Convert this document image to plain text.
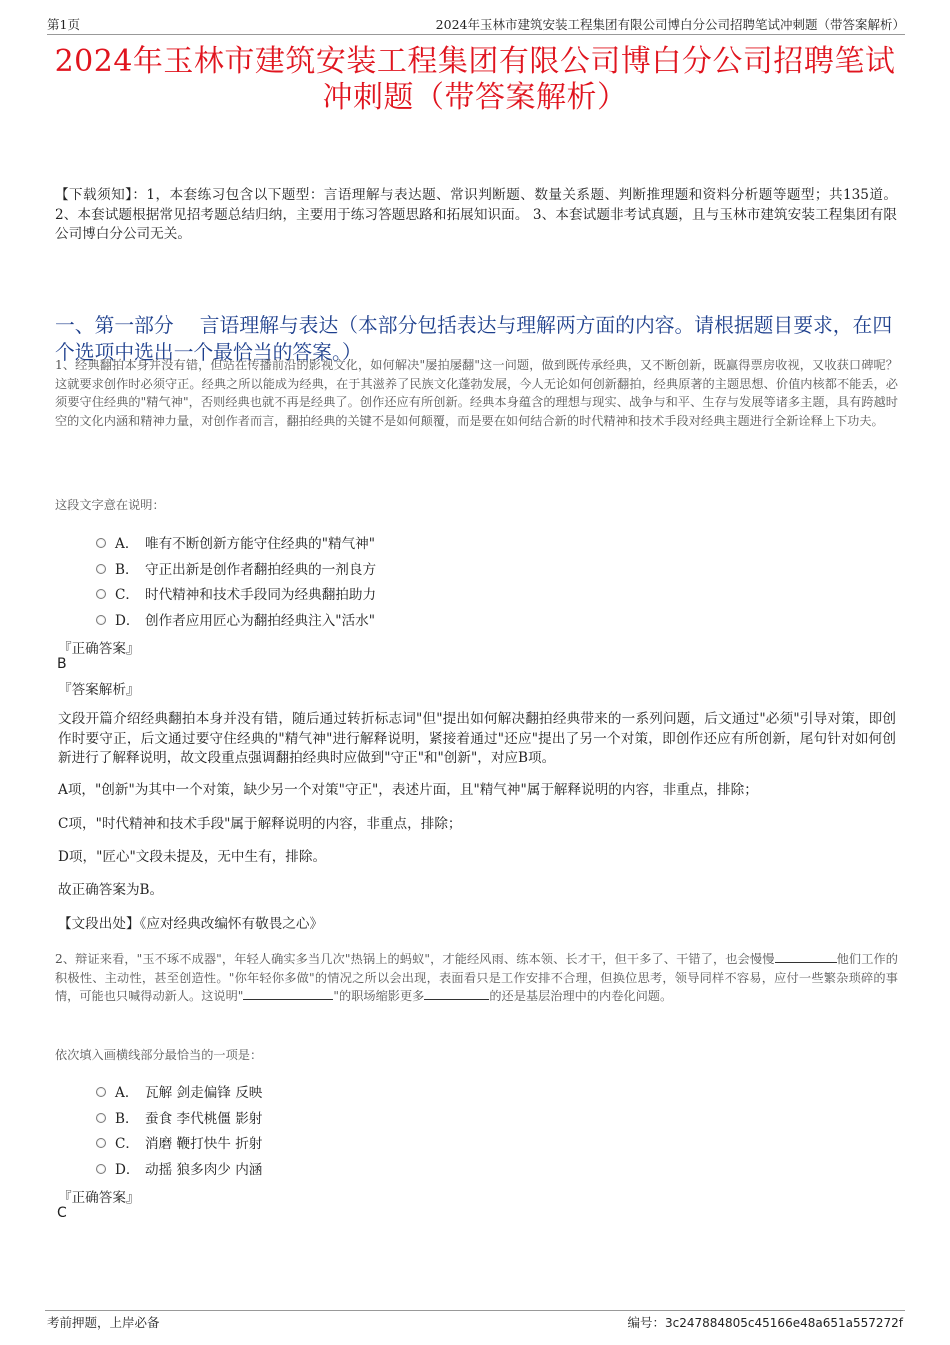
第1页	2024年玉林市建筑安装工程集团有限公司博白分公司招聘笔试冲刺题（带答案解析）
2024年玉林市建筑安装工程集团有限公司博白分公司招聘笔试
冲刺题（带答案解析）
【下载须知】：1，本套练习包含以下题型：言语理解与表达题、常识判断题、数量关系题、判断推理题和资料分析题等题型；共135道。 2、本套试题根据常见招考题总结归纳，主要用于练习答题思路和拓展知识面。 3、本套试题非考试真题，且与玉林市建筑安装工程集团有限公司博白分公司无关。
一、第一部分　 言语理解与表达（本部分包括表达与理解两方面的内容。请根据题目要求，在四个选项中选出一个最恰当的答案。）
1、经典翻拍本身并没有错，但站在传播前沿的影视文化，如何解决"屡拍屡翻"这一问题，做到既传承经典，又不断创新，既赢得票房收视，又收获口碑呢？这就要求创作时必须守正。经典之所以能成为经典，在于其滋养了民族文化蓬勃发展，今人无论如何创新翻拍，经典原著的主题思想、价值内核都不能丢，必须要守住经典的"精气神"，否则经典也就不再是经典了。创作还应有所创新。经典本身蕴含的理想与现实、战争与和平、生存与发展等诸多主题，具有跨越时空的文化内涵和精神力量，对创作者而言，翻拍经典的关键不是如何颠覆，而是要在如何结合新的时代精神和技术手段对经典主题进行全新诠释上下功夫。
这段文字意在说明：
A． 唯有不断创新方能守住经典的"精气神"
B． 守正出新是创作者翻拍经典的一剂良方
C． 时代精神和技术手段同为经典翻拍助力
D． 创作者应用匠心为翻拍经典注入"活水"
『正确答案』
B
『答案解析』
文段开篇介绍经典翻拍本身并没有错，随后通过转折标志词"但"提出如何解决翻拍经典带来的一系列问题，后文通过"必须"引导对策，即创作时要守正，后文通过要守住经典的"精气神"进行解释说明，紧接着通过"还应"提出了另一个对策，即创作还应有所创新，尾句针对如何创新进行了解释说明，故文段重点强调翻拍经典时应做到"守正"和"创新"，对应B项。
A项，"创新"为其中一个对策，缺少另一个对策"守正"，表述片面，且"精气神"属于解释说明的内容，非重点，排除；
C项，"时代精神和技术手段"属于解释说明的内容，非重点，排除；
D项，"匠心"文段未提及，无中生有，排除。
故正确答案为B。
【文段出处】《应对经典改编怀有敬畏之心》
2、辩证来看，"玉不琢不成器"，年轻人确实多当几次"热锅上的蚂蚁"，才能经风雨、练本领、长才干，但干多了、干错了，也会慢慢	他们工作的积极性、主动性，甚至创造性。"你年轻你多做"的情况之所以会出现，表面看只是工作安排不合理，但换位思考，领导同样不容易，应付一些繁杂琐碎的事情，可能也只喊得动新人。这说明"	"的职场缩影更多	的还是基层治理中的内卷化问题。
依次填入画横线部分最恰当的一项是：
A． 瓦解 剑走偏锋 反映
B． 蚕食 李代桃僵 影射
C． 消磨 鞭打快牛 折射
D． 动摇 狼多肉少 内涵
『正确答案』
C
考前押题，上岸必备	编号：3c247884805c45166e48a651a557272f
